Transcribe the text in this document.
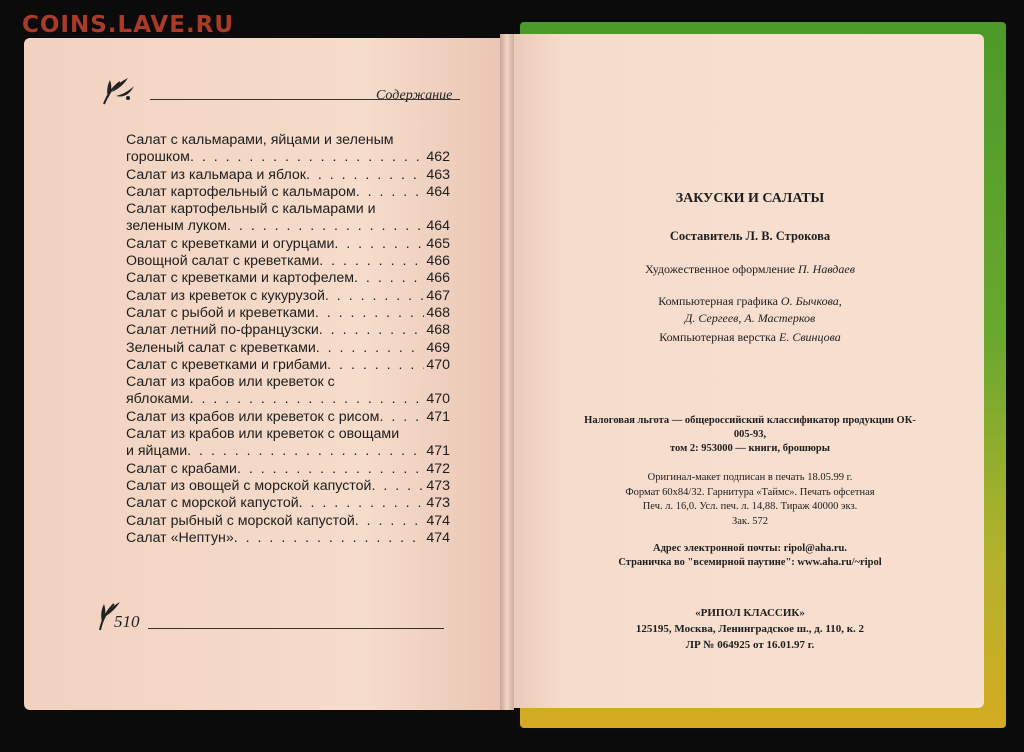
COINS.LAVE.RU
Содержание
Салат с кальмарами, яйцами и зеленым
горошком . . .	462
Салат из кальмара и яблок . . .	463
Салат картофельный с кальмаром . . .	464
Салат картофельный с кальмарами и
зеленым луком . . .	464
Салат с креветками и огурцами . . .	465
Овощной салат с креветками . . .	466
Салат с креветками и картофелем . . .	466
Салат из креветок с кукурузой . . .	467
Салат с рыбой и креветками . . .	468
Салат летний по-французски . . .	468
Зеленый салат с креветками . . .	469
Салат с креветками и грибами . . .	470
Салат из крабов или креветок с
яблоками . . .	470
Салат из крабов или креветок с рисом . . .	471
Салат из крабов или креветок с овощами
и яйцами . . .	471
Салат с крабами . . .	472
Салат из овощей с морской капустой . . .	473
Салат с морской капустой . . .	473
Салат рыбный с морской капустой . . .	474
Салат «Нептун» . . .	474
510
ЗАКУСКИ И САЛАТЫ
Составитель Л. В. Строкова
Художественное оформление П. Навдаев
Компьютерная графика О. Бычкова,
Д. Сергеев, А. Мастерков
Компьютерная верстка Е. Свинцова
Налоговая льгота — общероссийский классификатор продукции ОК-
005-93,
том 2: 953000 — книги, брошюры
Оригинал-макет подписан в печать 18.05.99 г.
Формат 60х84/32. Гарнитура «Таймс». Печать офсетная
Печ. л. 16,0. Усл. печ. л. 14,88. Тираж 40000 экз.
Зак. 572
Адрес электронной почты: ripol@aha.ru.
Страничка во "всемирной паутине": www.aha.ru/~ripol
«РИПОЛ КЛАССИК»
125195, Москва, Ленинградское ш., д. 110, к. 2
ЛР № 064925 от 16.01.97 г.
